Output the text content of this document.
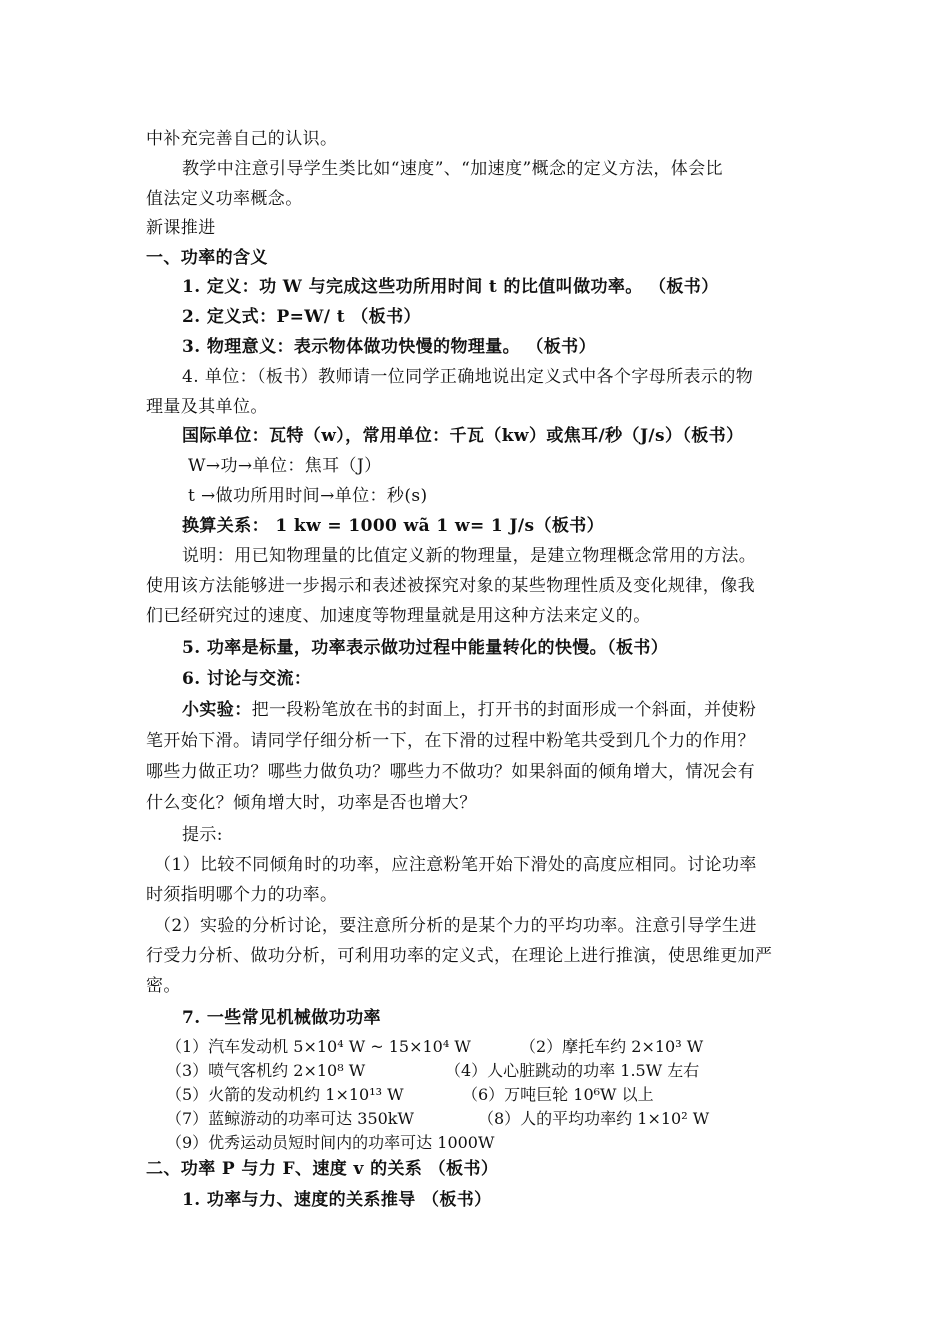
中补充完善自己的认识。
教学中注意引导学生类比如“速度”、“加速度”概念的定义方法，体会比
值法定义功率概念。
新课推进
一、功率的含义
1. 定义：功 W 与完成这些功所用时间 t 的比值叫做功率。 （板书）
2. 定义式：P=W/ t （板书）
3. 物理意义：表示物体做功快慢的物理量。 （板书）
4. 单位：（板书）教师请一位同学正确地说出定义式中各个字母所表示的物
理量及其单位。
国际单位：瓦特（w），常用单位：千瓦（kw）或焦耳/秒（J/s）（板书）
W→功→单位：焦耳（J）
t →做功所用时间→单位：秒(s)
换算关系： 1 kw = 1000 wã 1 w= 1 J/s（板书）
说明：用已知物理量的比值定义新的物理量，是建立物理概念常用的方法。
使用该方法能够进一步揭示和表述被探究对象的某些物理性质及变化规律，像我
们已经研究过的速度、加速度等物理量就是用这种方法来定义的。
5. 功率是标量，功率表示做功过程中能量转化的快慢。（板书）
6. 讨论与交流：
小实验：把一段粉笔放在书的封面上，打开书的封面形成一个斜面，并使粉
笔开始下滑。请同学仔细分析一下，在下滑的过程中粉笔共受到几个力的作用？
哪些力做正功？哪些力做负功？哪些力不做功？如果斜面的倾角增大，情况会有
什么变化？倾角增大时，功率是否也增大？
提示:
（1）比较不同倾角时的功率，应注意粉笔开始下滑处的高度应相同。讨论功率
时须指明哪个力的功率。
（2）实验的分析讨论，要注意所分析的是某个力的平均功率。注意引导学生进
行受力分析、做功分析，可利用功率的定义式，在理论上进行推演，使思维更加严
密。
7. 一些常见机械做功功率
（1）汽车发动机 5×10⁴ W ~ 15×10⁴ W	（2）摩托车约 2×10³ W
（3）喷气客机约 2×10⁸ W	（4）人心脏跳动的功率 1.5W 左右
（5）火箭的发动机约 1×10¹³ W	（6）万吨巨轮 10⁶W 以上
（7）蓝鲸游动的功率可达 350kW	（8）人的平均功率约 1×10² W
（9）优秀运动员短时间内的功率可达 1000W
二、功率 P 与力 F、速度 v 的关系 （板书）
1. 功率与力、速度的关系推导 （板书）
